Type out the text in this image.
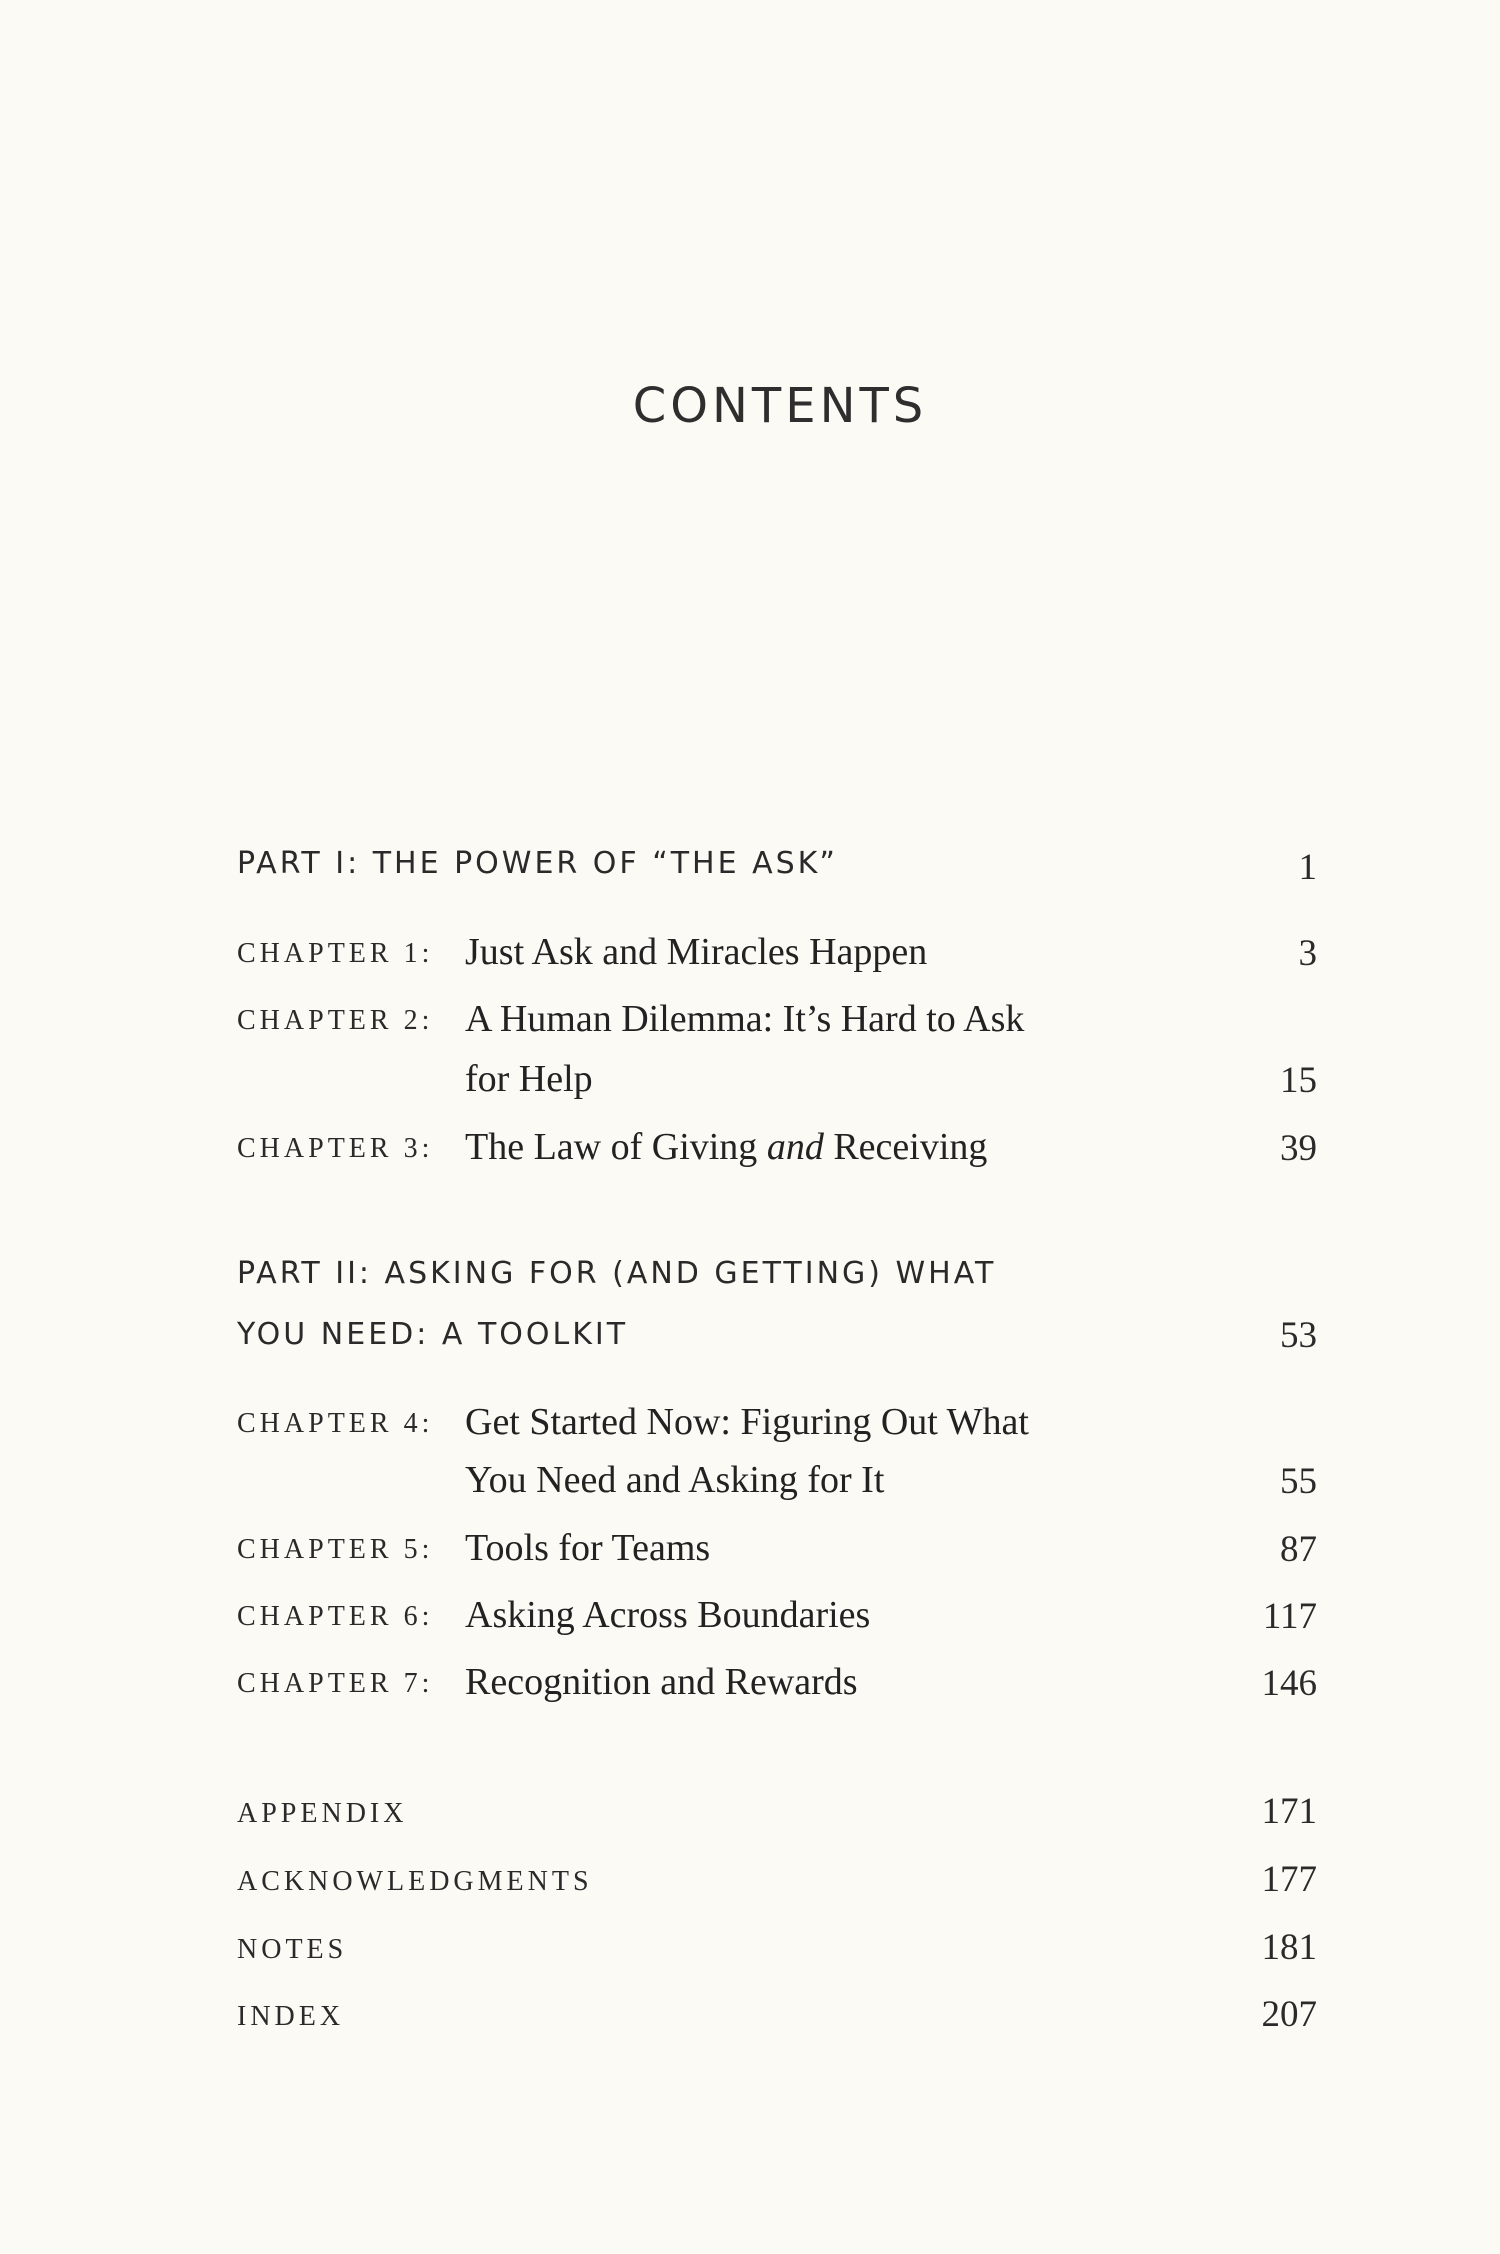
CONTENTS
PART I: THE POWER OF “THE ASK”	1
CHAPTER 1: Just Ask and Miracles Happen	3
CHAPTER 2: A Human Dilemma: It’s Hard to Ask
for Help	15
CHAPTER 3: The Law of Giving and Receiving	39
PART II: ASKING FOR (AND GETTING) WHAT
YOU NEED: A TOOLKIT	53
CHAPTER 4: Get Started Now: Figuring Out What
You Need and Asking for It	55
CHAPTER 5: Tools for Teams	87
CHAPTER 6: Asking Across Boundaries	117
CHAPTER 7: Recognition and Rewards	146
APPENDIX	171
ACKNOWLEDGMENTS	177
NOTES	181
INDEX	207
